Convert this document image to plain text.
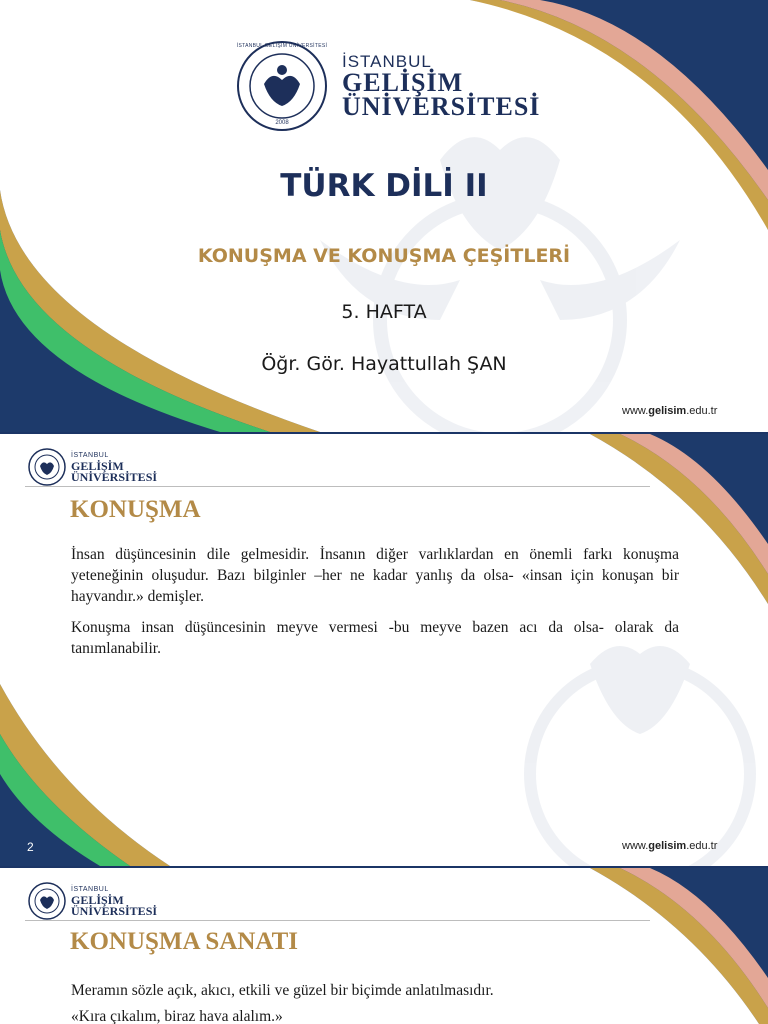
İSTANBUL GELİŞİM ÜNİVERSİTESİ
2008
İSTANBUL
GELİŞİM
ÜNİVERSİTESİ
TÜRK DİLİ II
KONUŞMA VE KONUŞMA ÇEŞİTLERİ
5. HAFTA
Öğr. Gör. Hayattullah ŞAN
www.gelisim.edu.tr
İSTANBUL
GELİŞİM
ÜNİVERSİTESİ
KONUŞMA
İnsan düşüncesinin dile gelmesidir. İnsanın diğer varlıklardan en önemli farkı konuşma yeteneğinin oluşudur. Bazı bilginler –her ne kadar yanlış da olsa- «insan için konuşan bir hayvandır.» demişler.
Konuşma insan düşüncesinin meyve vermesi -bu meyve bazen acı da olsa- olarak da tanımlanabilir.
2	www.gelisim.edu.tr
İSTANBUL
GELİŞİM
ÜNİVERSİTESİ
KONUŞMA SANATI
Meramın sözle açık, akıcı, etkili ve güzel bir biçimde anlatılmasıdır.
«Kıra çıkalım, biraz hava alalım.»
